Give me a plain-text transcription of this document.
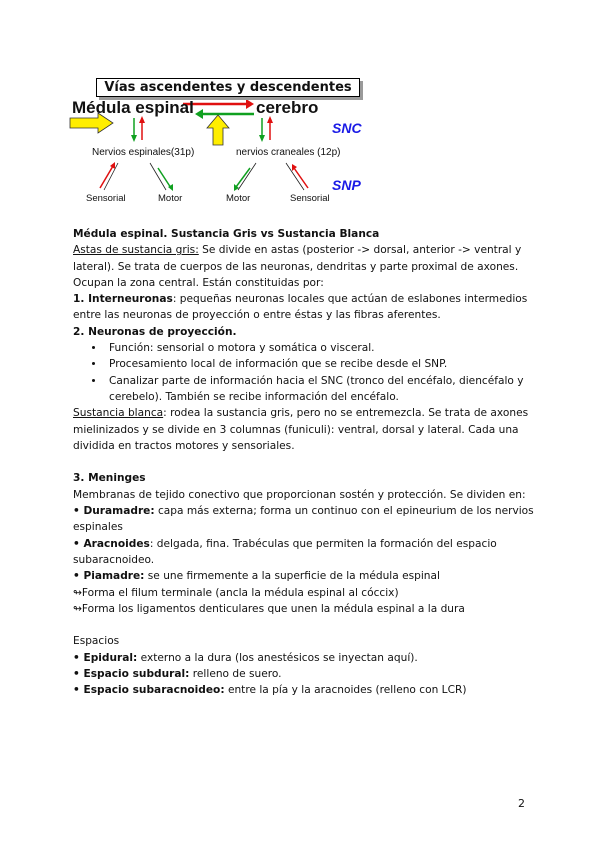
Vías ascendentes y descendentes
Médula espinal	cerebro
SNC
SNP
Nervios espinales(31p)	nervios craneales (12p)
Sensorial	Motor	Motor	Sensorial

Médula espinal. Sustancia Gris vs Sustancia Blanca

Astas de sustancia gris: Se divide en astas (posterior -> dorsal, anterior -> ventral y lateral). Se trata de cuerpos de las neuronas, dendritas y parte proximal de axones. Ocupan la zona central. Están constituidas por:

1. Interneuronas: pequeñas neuronas locales que actúan de eslabones intermedios entre las neuronas de proyección o entre éstas y las fibras aferentes.

2. Neuronas de proyección.

• Función: sensorial o motora y somática o visceral.
• Procesamiento local de información que se recibe desde el SNP.
• Canalizar parte de información hacia el SNC (tronco del encéfalo, diencéfalo y cerebelo). También se recibe información del encéfalo.

Sustancia blanca: rodea la sustancia gris, pero no se entremezcla. Se trata de axones mielinizados y se divide en 3 columnas (funiculi): ventral, dorsal y lateral. Cada una dividida en tractos motores y sensoriales.

3. Meninges

Membranas de tejido conectivo que proporcionan sostén y protección. Se dividen en:

• Duramadre: capa más externa; forma un continuo con el epineurium de los nervios espinales

• Aracnoides: delgada, fina. Trabéculas que permiten la formación del espacio subaracnoideo.

• Piamadre: se une firmemente a la superficie de la médula espinal

↬Forma el filum terminale (ancla la médula espinal al cóccix)

↬Forma los ligamentos denticulares que unen la médula espinal a la dura

Espacios

• Epidural: externo a la dura (los anestésicos se inyectan aquí).

• Espacio subdural: relleno de suero.

• Espacio subaracnoideo: entre la pía y la aracnoides (relleno con LCR)

2
